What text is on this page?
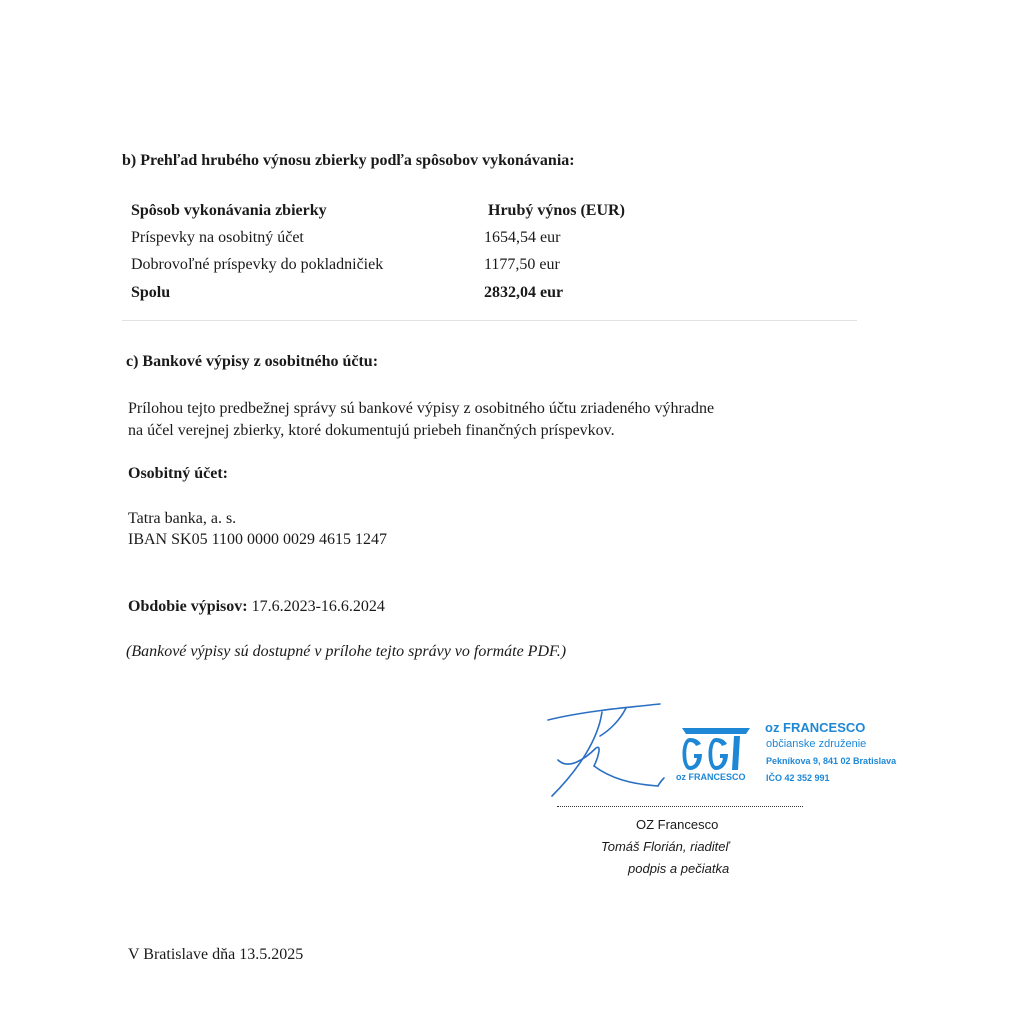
b) Prehľad hrubého výnosu zbierky podľa spôsobov vykonávania:
Spôsob vykonávania zbierky	Hrubý výnos (EUR)
Príspevky na osobitný účet	1654,54 eur
Dobrovoľné príspevky do pokladničiek	1177,50 eur
Spolu	2832,04 eur
c) Bankové výpisy z osobitného účtu:
Prílohou tejto predbežnej správy sú bankové výpisy z osobitného účtu zriadeného výhradne
na účel verejnej zbierky, ktoré dokumentujú priebeh finančných príspevkov.
Osobitný účet:
Tatra banka, a. s.
IBAN SK05 1100 0000 0029 4615 1247
Obdobie výpisov: 17.6.2023-16.6.2024
(Bankové výpisy sú dostupné v prílohe tejto správy vo formáte PDF.)
oz FRANCESCO
oz FRANCESCO
občianske združenie
Pekníkova 9, 841 02 Bratislava
IČO 42 352 991
OZ Francesco
Tomáš Florián, riaditeľ
podpis a pečiatka
V Bratislave dňa 13.5.2025
